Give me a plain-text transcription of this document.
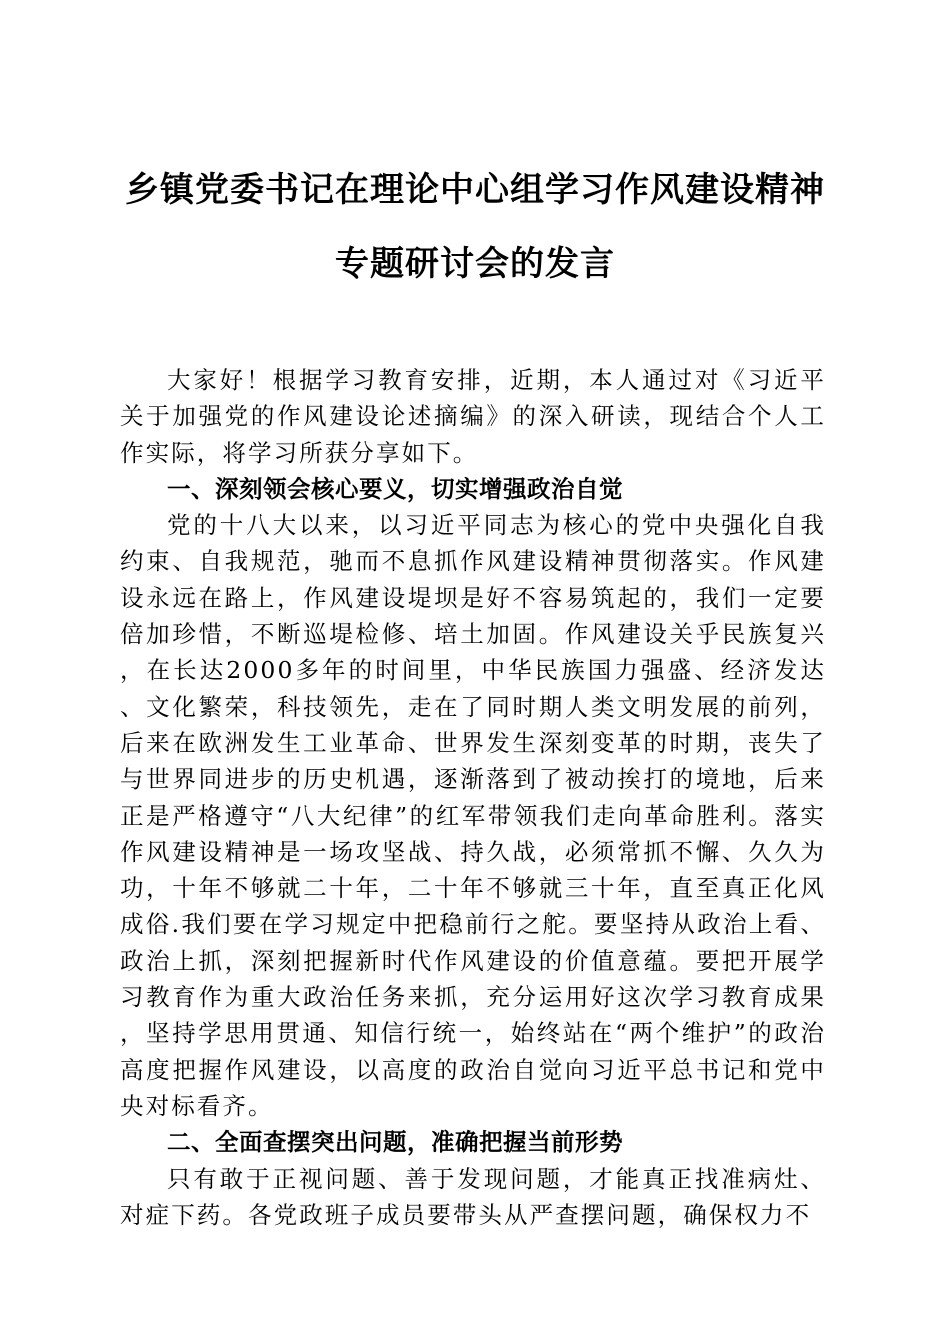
乡镇党委书记在理论中心组学习作风建设精神
专题研讨会的发言

大家好！根据学习教育安排，近期，本人通过对《习近平关于加强党的作风建设论述摘编》的深入研读，现结合个人工作实际，将学习所获分享如下。

一、深刻领会核心要义，切实增强政治自觉

党的十八大以来，以习近平同志为核心的党中央强化自我约束、自我规范，驰而不息抓作风建设精神贯彻落实。作风建设永远在路上，作风建设堤坝是好不容易筑起的，我们一定要倍加珍惜，不断巡堤检修、培土加固。作风建设关乎民族复兴，在长达2000多年的时间里，中华民族国力强盛、经济发达、文化繁荣，科技领先，走在了同时期人类文明发展的前列，后来在欧洲发生工业革命、世界发生深刻变革的时期，丧失了与世界同进步的历史机遇，逐渐落到了被动挨打的境地，后来正是严格遵守“八大纪律”的红军带领我们走向革命胜利。落实作风建设精神是一场攻坚战、持久战，必须常抓不懈、久久为功，十年不够就二十年，二十年不够就三十年，直至真正化风成俗.我们要在学习规定中把稳前行之舵。要坚持从政治上看、政治上抓，深刻把握新时代作风建设的价值意蕴。要把开展学习教育作为重大政治任务来抓，充分运用好这次学习教育成果，坚持学思用贯通、知信行统一，始终站在“两个维护”的政治高度把握作风建设，以高度的政治自觉向习近平总书记和党中央对标看齐。

二、全面查摆突出问题，准确把握当前形势

只有敢于正视问题、善于发现问题，才能真正找准病灶、对症下药。各党政班子成员要带头从严查摆问题，确保权力不
